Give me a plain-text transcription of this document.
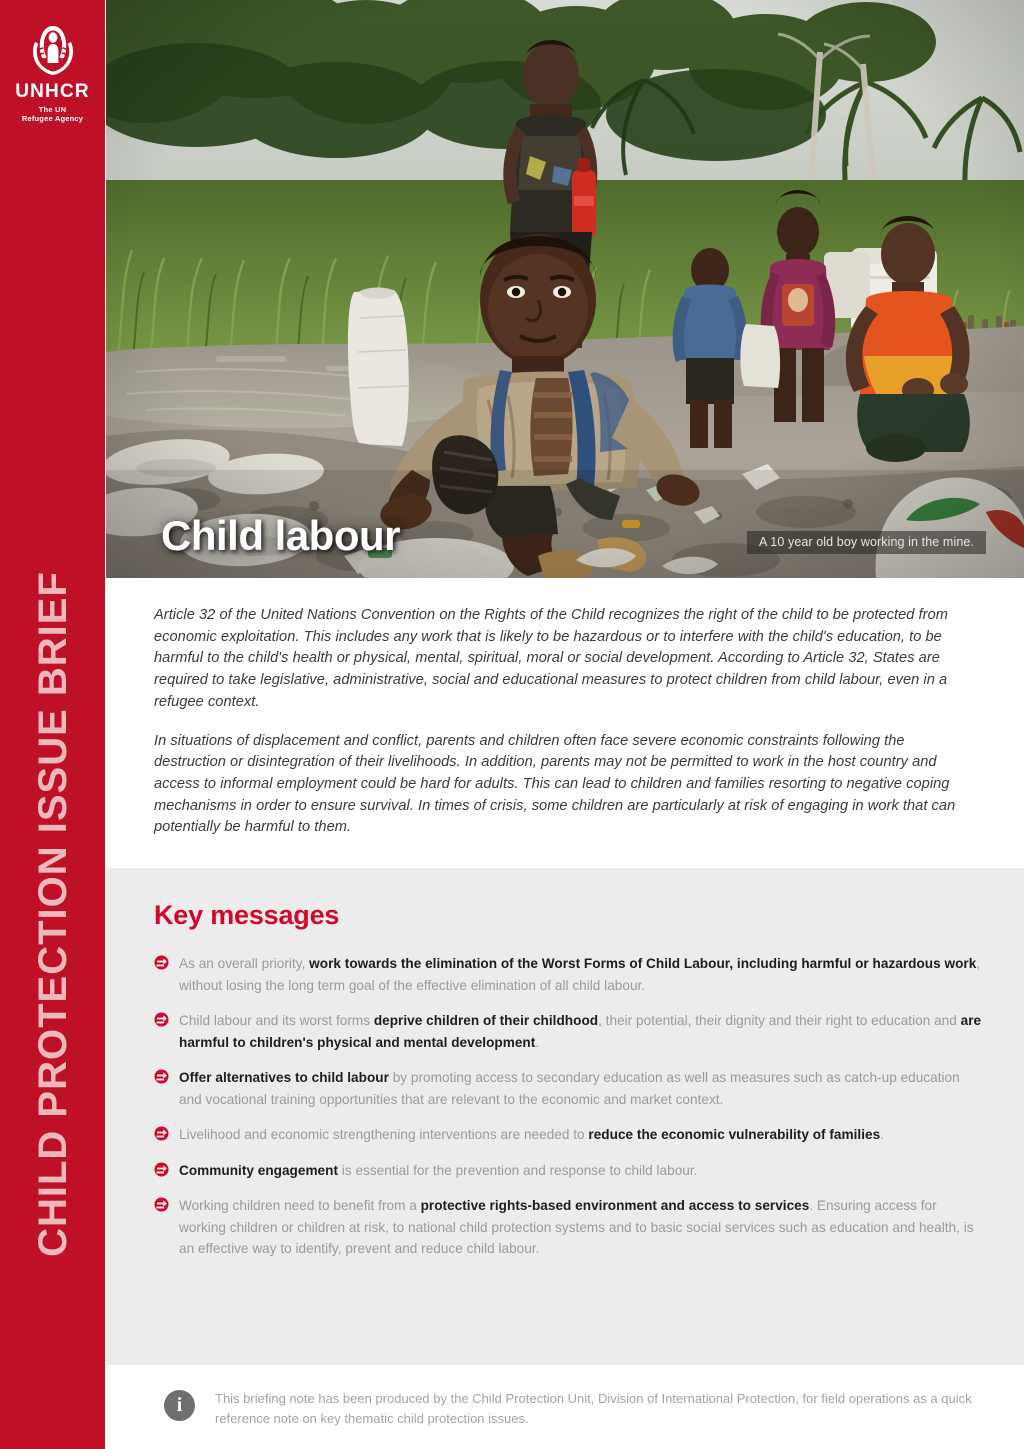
UNHCR
The UN
Refugee Agency
CHILD PROTECTION ISSUE BRIEF
Child labour	A 10 year old boy working in the mine.

Article 32 of the United Nations Convention on the Rights of the Child recognizes the right of the child to be protected from economic exploitation. This includes any work that is likely to be hazardous or to interfere with the child's education, to be harmful to the child's health or physical, mental, spiritual, moral or social development. According to Article 32, States are required to take legislative, administrative, social and educational measures to protect children from child labour, even in a refugee context.

In situations of displacement and conflict, parents and children often face severe economic constraints following the destruction or disintegration of their livelihoods. In addition, parents may not be permitted to work in the host country and access to informal employment could be hard for adults. This can lead to children and families resorting to negative coping mechanisms in order to ensure survival. In times of crisis, some children are particularly at risk of engaging in work that can potentially be harmful to them.

Key messages
As an overall priority, work towards the elimination of the Worst Forms of Child Labour, including harmful or hazardous work, without losing the long term goal of the effective elimination of all child labour.
Child labour and its worst forms deprive children of their childhood, their potential, their dignity and their right to education and are harmful to children's physical and mental development.
Offer alternatives to child labour by promoting access to secondary education as well as measures such as catch-up education and vocational training opportunities that are relevant to the economic and market context.
Livelihood and economic strengthening interventions are needed to reduce the economic vulnerability of families.
Community engagement is essential for the prevention and response to child labour.
Working children need to benefit from a protective rights-based environment and access to services. Ensuring access for working children or children at risk, to national child protection systems and to basic social services such as education and health, is an effective way to identify, prevent and reduce child labour.
i	This briefing note has been produced by the Child Protection Unit, Division of International Protection, for field operations as a quick reference note on key thematic child protection issues.
